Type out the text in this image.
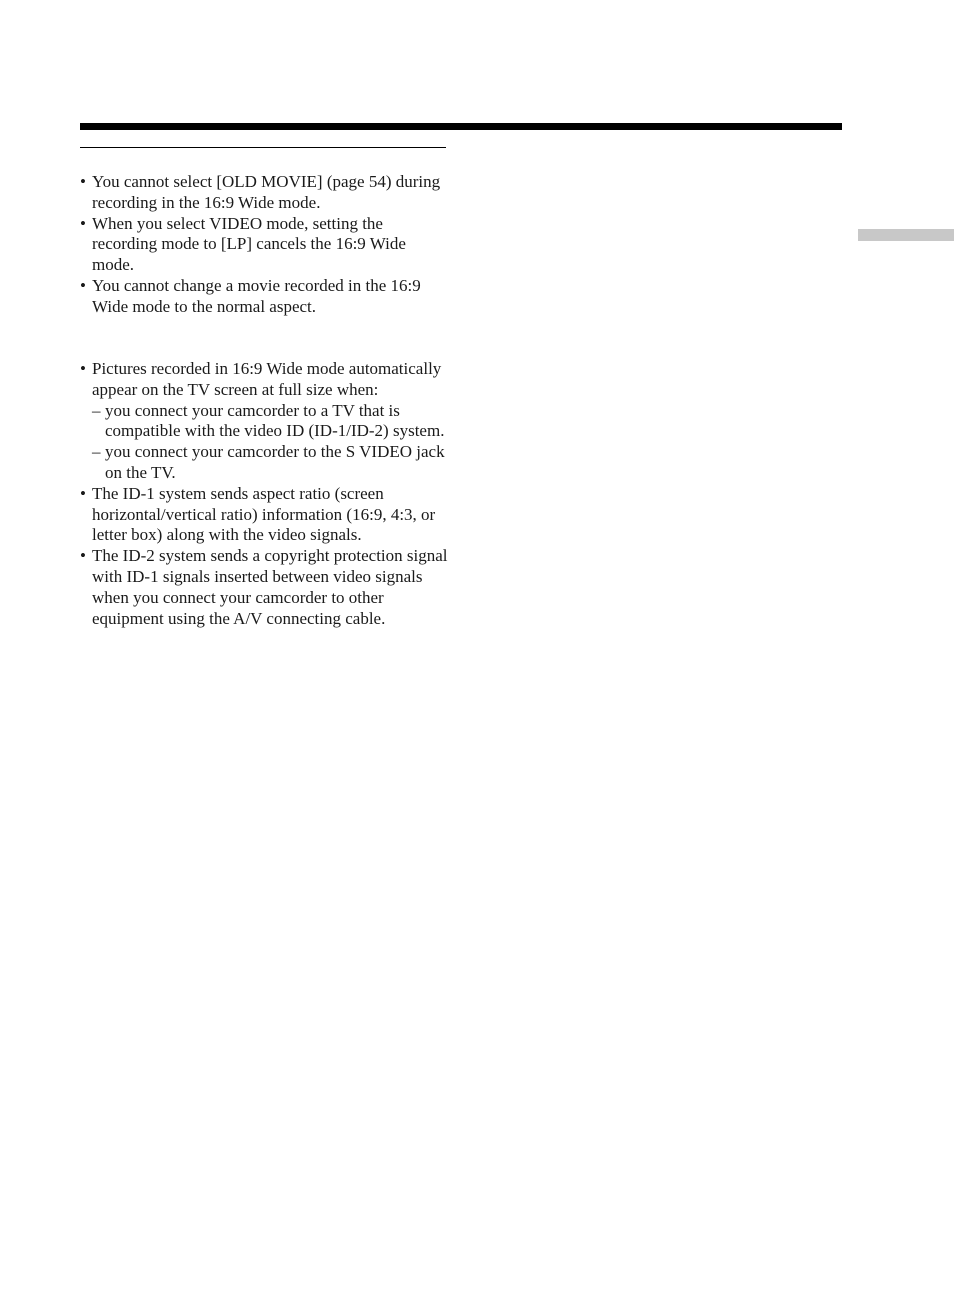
• You cannot select [OLD MOVIE] (page 54) during recording in the 16:9 Wide mode.

• When you select VIDEO mode, setting the recording mode to [LP] cancels the 16:9 Wide mode.

• You cannot change a movie recorded in the 16:9 Wide mode to the normal aspect.

• Pictures recorded in 16:9 Wide mode automatically appear on the TV screen at full size when:

– you connect your camcorder to a TV that is compatible with the video ID (ID-1/ID-2) system.

– you connect your camcorder to the S VIDEO jack on the TV.

• The ID-1 system sends aspect ratio (screen horizontal/vertical ratio) information (16:9, 4:3, or letter box) along with the video signals.

• The ID-2 system sends a copyright protection signal with ID-1 signals inserted between video signals when you connect your camcorder to other equipment using the A/V connecting cable.
